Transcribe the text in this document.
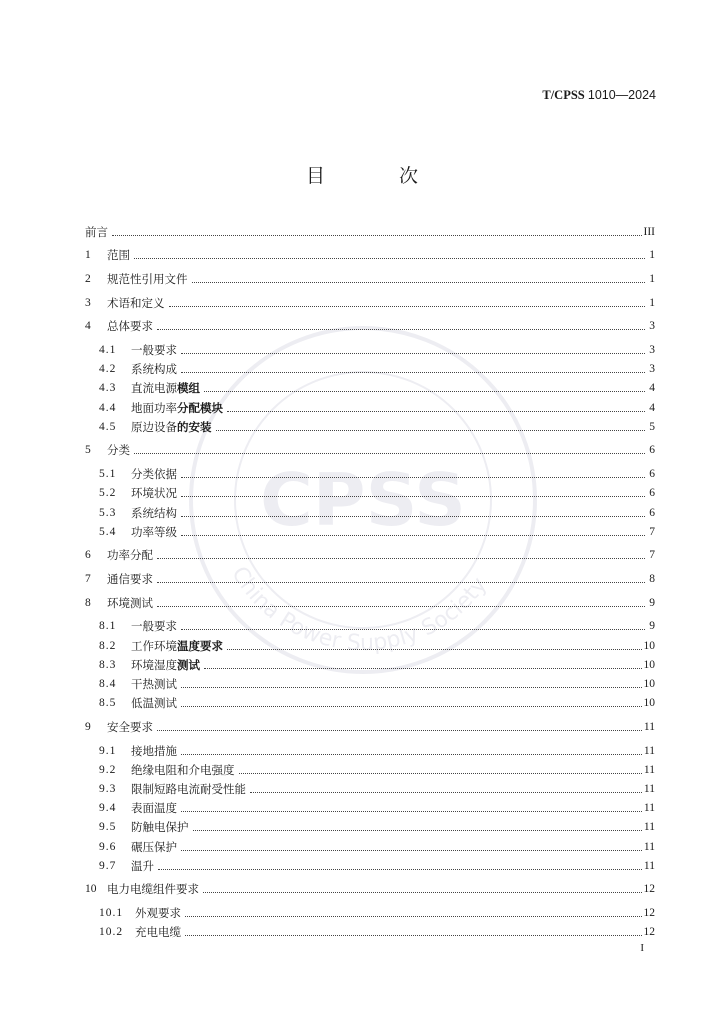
T/CPSS 1010—2024
目 次
CPSS
China Power Supply Society
前言	III
1	范围	1
2	规范性引用文件	1
3	术语和定义	1
4	总体要求	3
4.1	一般要求	3
4.2	系统构成	3
4.3	直流电源模组	4
4.4	地面功率分配模块	4
4.5	原边设备的安装	5
5	分类	6
5.1	分类依据	6
5.2	环境状况	6
5.3	系统结构	6
5.4	功率等级	7
6	功率分配	7
7	通信要求	8
8	环境测试	9
8.1	一般要求	9
8.2	工作环境温度要求	10
8.3	环境湿度测试	10
8.4	干热测试	10
8.5	低温测试	10
9	安全要求	11
9.1	接地措施	11
9.2	绝缘电阻和介电强度	11
9.3	限制短路电流耐受性能	11
9.4	表面温度	11
9.5	防触电保护	11
9.6	碾压保护	11
9.7	温升	11
10 电力电缆组件要求	12
10.1	外观要求	12
10.2	充电电缆	12
I
